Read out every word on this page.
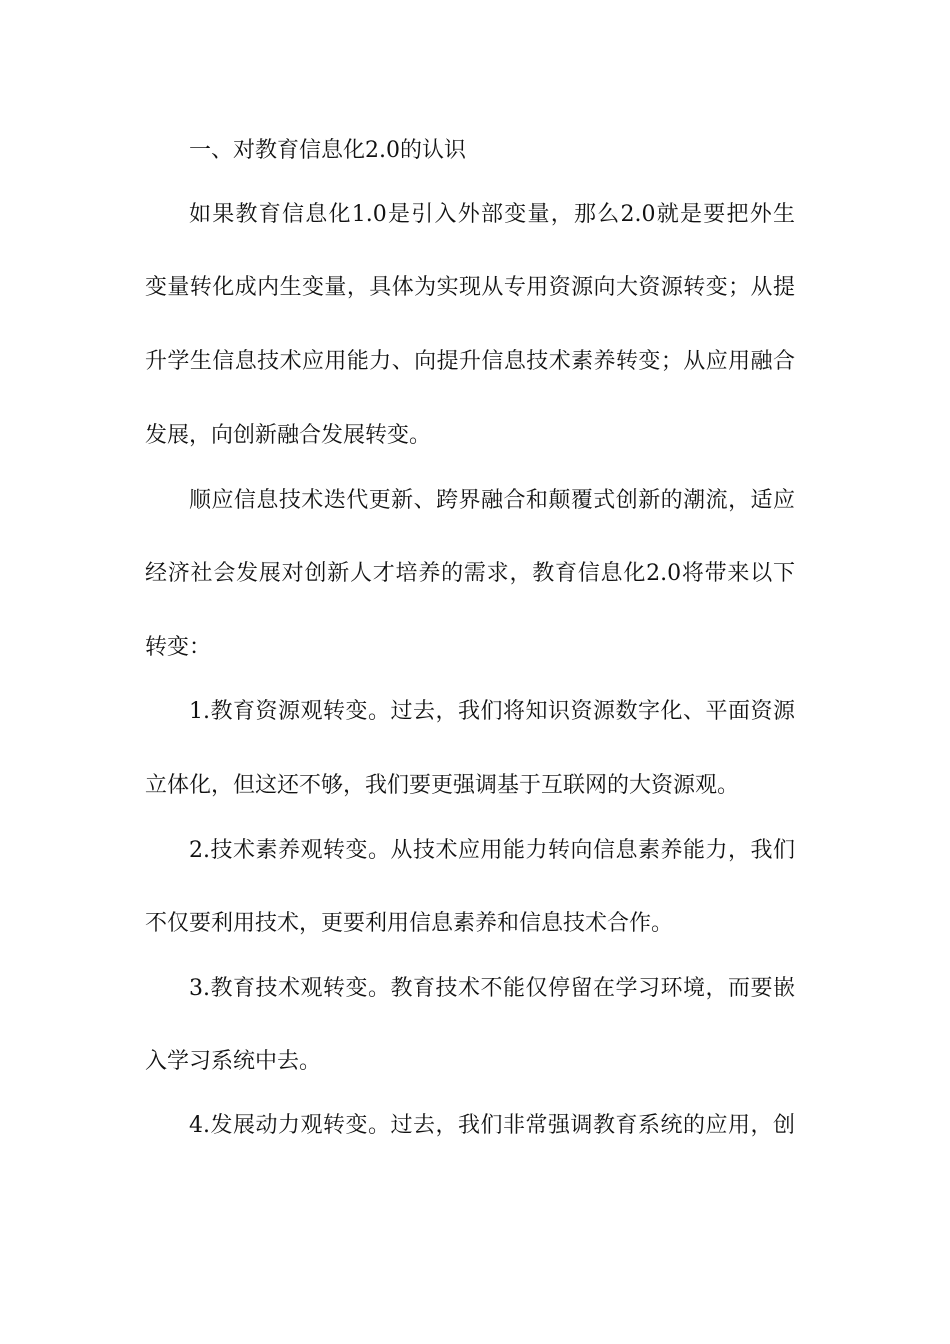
一、对教育信息化2.0的认识
如果教育信息化1.0是引入外部变量，那么2.0就是要把外生
变量转化成内生变量，具体为实现从专用资源向大资源转变；从提
升学生信息技术应用能力、向提升信息技术素养转变；从应用融合
发展，向创新融合发展转变。
顺应信息技术迭代更新、跨界融合和颠覆式创新的潮流，适应
经济社会发展对创新人才培养的需求，教育信息化2.0将带来以下
转变：
1.教育资源观转变。过去，我们将知识资源数字化、平面资源
立体化，但这还不够，我们要更强调基于互联网的大资源观。
2.技术素养观转变。从技术应用能力转向信息素养能力，我们
不仅要利用技术，更要利用信息素养和信息技术合作。
3.教育技术观转变。教育技术不能仅停留在学习环境，而要嵌
入学习系统中去。
4.发展动力观转变。过去，我们非常强调教育系统的应用，创
